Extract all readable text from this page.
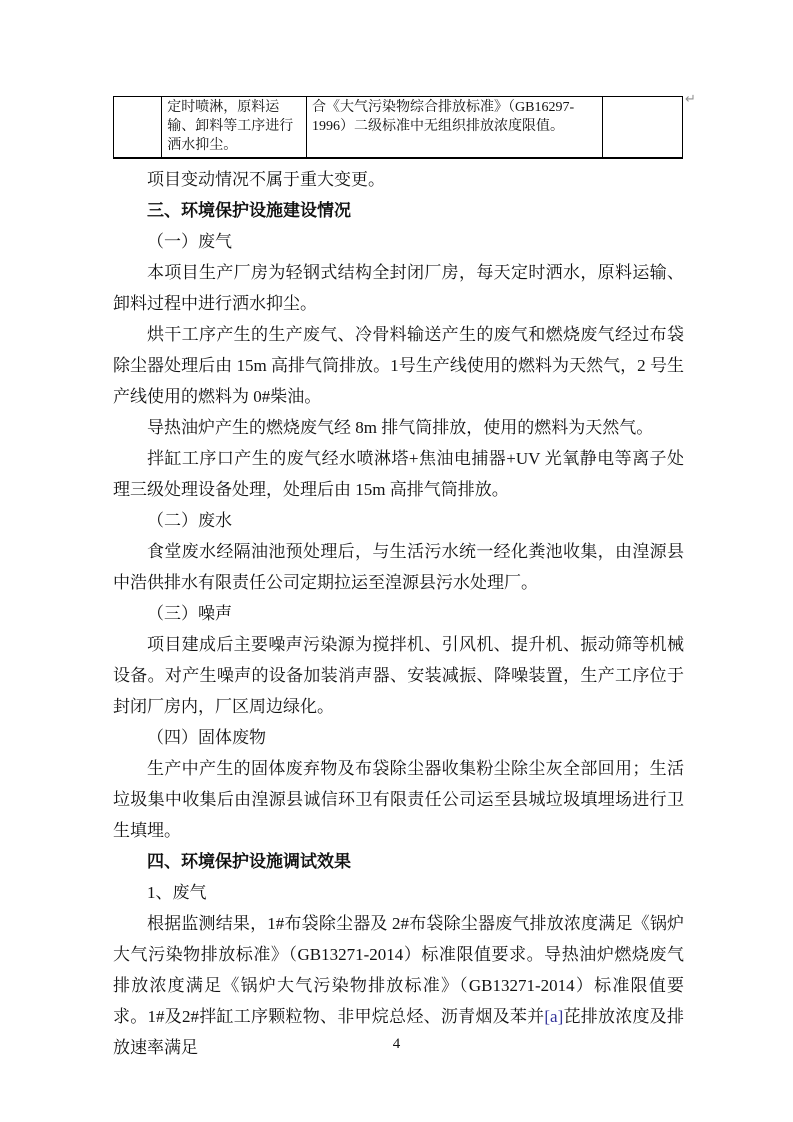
↵
	定时喷淋，原料运输、卸料等工序进行洒水抑尘。	合《大气污染物综合排放标准》（GB16297-1996）二级标准中无组织排放浓度限值。	

项目变动情况不属于重大变更。

三、环境保护设施建设情况

（一）废气

本项目生产厂房为轻钢式结构全封闭厂房，每天定时洒水，原料运输、卸料过程中进行洒水抑尘。

烘干工序产生的生产废气、冷骨料输送产生的废气和燃烧废气经过布袋除尘器处理后由 15m 高排气筒排放。1号生产线使用的燃料为天然气，2 号生产线使用的燃料为 0#柴油。

导热油炉产生的燃烧废气经 8m 排气筒排放，使用的燃料为天然气。

拌缸工序口产生的废气经水喷淋塔+焦油电捕器+UV 光氧静电等离子处理三级处理设备处理，处理后由 15m 高排气筒排放。

（二）废水

食堂废水经隔油池预处理后，与生活污水统一经化粪池收集，由湟源县中浩供排水有限责任公司定期拉运至湟源县污水处理厂。

（三）噪声

项目建成后主要噪声污染源为搅拌机、引风机、提升机、振动筛等机械设备。对产生噪声的设备加装消声器、安装减振、降噪装置，生产工序位于封闭厂房内，厂区周边绿化。

（四）固体废物

生产中产生的固体废弃物及布袋除尘器收集粉尘除尘灰全部回用；生活垃圾集中收集后由湟源县诚信环卫有限责任公司运至县城垃圾填埋场进行卫生填埋。

四、环境保护设施调试效果

1、废气

根据监测结果，1#布袋除尘器及 2#布袋除尘器废气排放浓度满足《锅炉大气污染物排放标准》（GB13271-2014）标准限值要求。导热油炉燃烧废气排放浓度满足《锅炉大气污染物排放标准》（GB13271-2014）标准限值要求。1#及2#拌缸工序颗粒物、非甲烷总烃、沥青烟及苯并[a]芘排放浓度及排放速率满足	4
